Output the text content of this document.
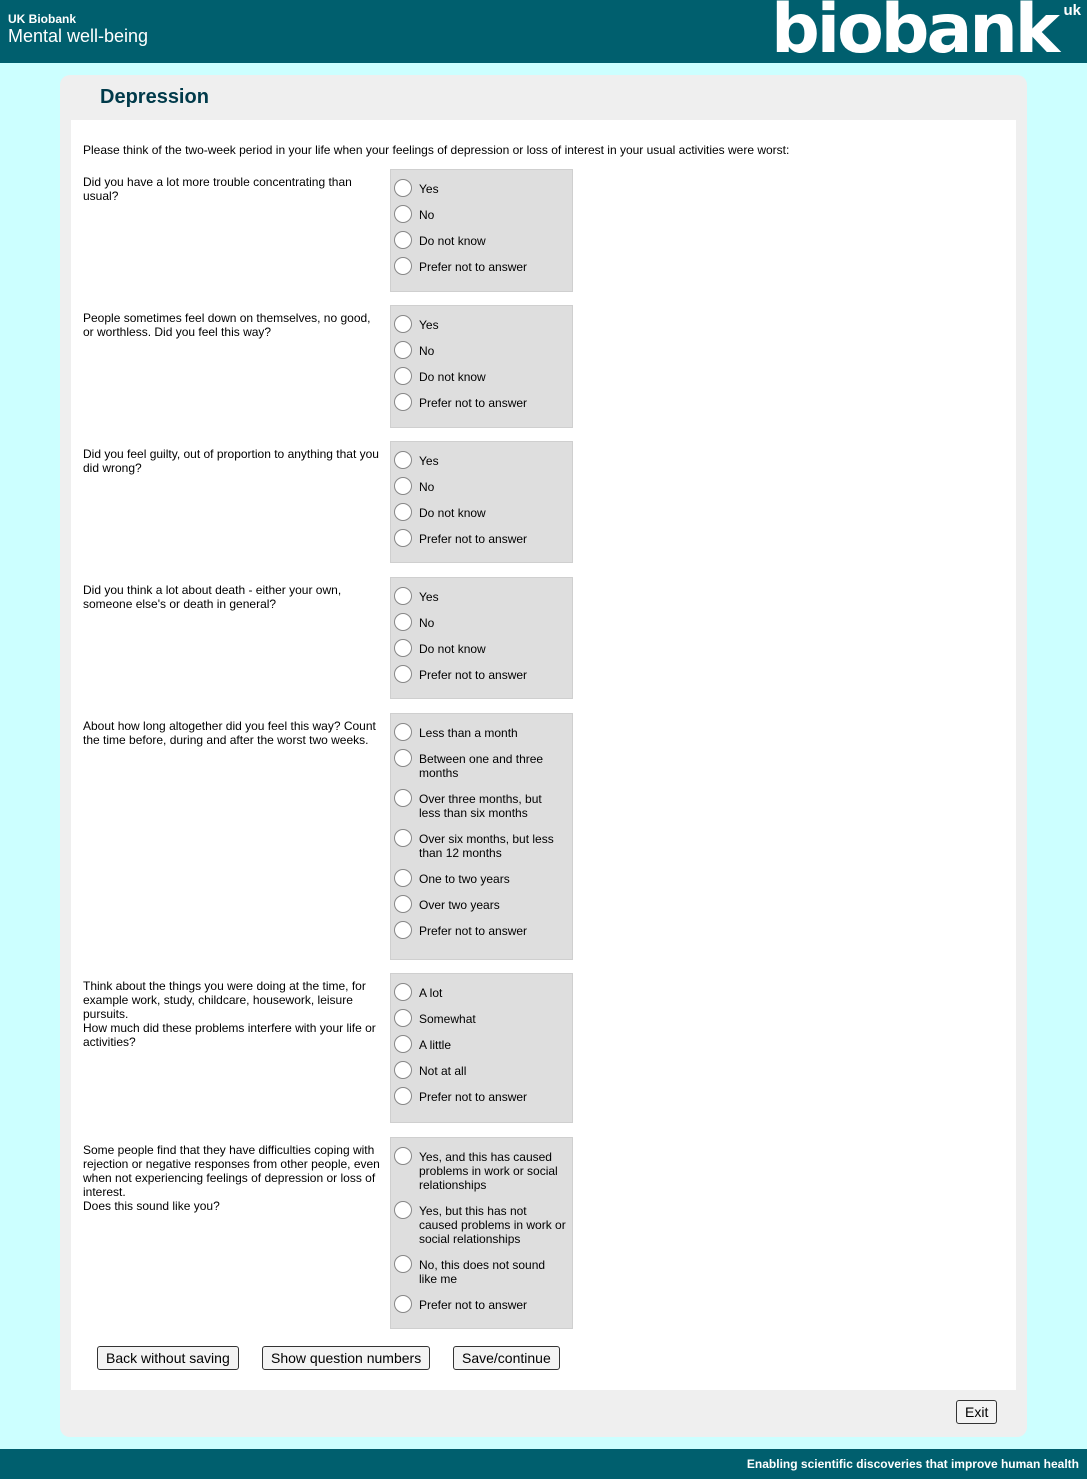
UK Biobank
Mental well-being	biobank uk
Depression
Please think of the two-week period in your life when your feelings of depression or loss of interest in your usual activities were worst:
Did you have a lot more trouble concentrating than usual?	Yes
No
Do not know
Prefer not to answer
People sometimes feel down on themselves, no good, or worthless. Did you feel this way?	Yes
No
Do not know
Prefer not to answer
Did you feel guilty, out of proportion to anything that you did wrong?	Yes
No
Do not know
Prefer not to answer
Did you think a lot about death - either your own, someone else's or death in general?	Yes
No
Do not know
Prefer not to answer
About how long altogether did you feel this way? Count the time before, during and after the worst two weeks.	Less than a month
Between one and three months
Over three months, but less than six months
Over six months, but less than 12 months
One to two years
Over two years
Prefer not to answer
Think about the things you were doing at the time, for example work, study, childcare, housework, leisure pursuits.
How much did these problems interfere with your life or activities?
A lot
Somewhat
A little
Not at all
Prefer not to answer
Some people find that they have difficulties coping with rejection or negative responses from other people, even when not experiencing feelings of depression or loss of interest.
Does this sound like you?
Yes, and this has caused problems in work or social relationships
Yes, but this has not caused problems in work or social relationships
No, this does not sound like me
Prefer not to answer
Back without saving	Show question numbers	Save/continue
Exit
Enabling scientific discoveries that improve human health
